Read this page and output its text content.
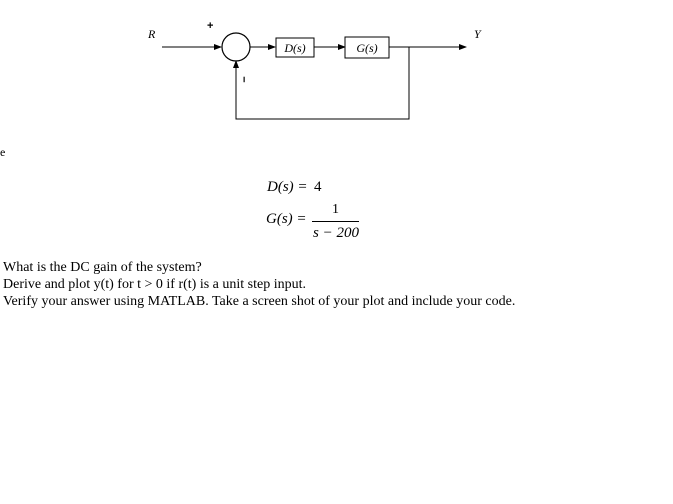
R	Y
+
−
D(s)	G(s)
e
D(s) = 4
G(s) =
1
s − 200
What is the DC gain of the system?
Derive and plot y(t) for t > 0 if r(t) is a unit step input.
Verify your answer using MATLAB. Take a screen shot of your plot and include your code.
